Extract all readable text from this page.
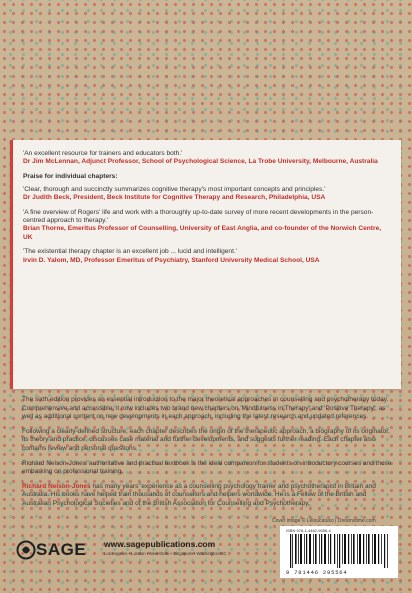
'An excellent resource for trainers and educators both.'

Dr Jim McLennan, Adjunct Professor, School of Psychological Science, La Trobe University, Melbourne, Australia

Praise for individual chapters:

'Clear, thorough and succinctly summarizes cognitive therapy's most important concepts and principles.'

Dr Judith Beck, President, Beck Institute for Cognitive Therapy and Research, Philadelphia, USA

'A fine overview of Rogers' life and work with a thoroughly up-to-date survey of more recent developments in the person-centred approach to therapy.'

Brian Thorne, Emeritus Professor of Counselling, University of East Anglia, and co-founder of the Norwich Centre, UK

'The existential therapy chapter is an excellent job ... lucid and intelligent.'

Irvin D. Yalom, MD, Professor Emeritus of Psychiatry, Stanford University Medical School, USA

The sixth edition provides an essential introduction to the major theoretical approaches in counselling and psychotherapy today. Comprehensive and accessible, it now includes two brand new chapters on 'Mindfulness in Therapy' and 'Positive Therapy', as well as additional content on new developments in each approach, including the latest research and updated references.

Following a clearly-defined structure, each chapter describes the origin of the therapeutic approach, a biography of its originator, its theory and practice, discusses case material and further developments, and suggests further reading. Each chapter also contains review and personal questions.

Richard Nelson-Jones' authoritative and practical textbook is the ideal companion for students on introductory courses and those embarking on professional training.

Richard Nelson-Jones has many years' experience as a counselling psychology trainer and psychotherapist in Britain and Australia. His books have helped train thousands of counsellors and helpers worldwide. He is a Fellow of the British and Australian Psychological Societies and of the British Association for Counselling and Psychotherapy.

Cover image © Leloucatuso | Dreamstime.com
ISBN 978-1-4462-9556-4
9 781446 295564
SAGE www.sagepublications.com
Los Angeles • London • New Delhi • Singapore • Washington DC
